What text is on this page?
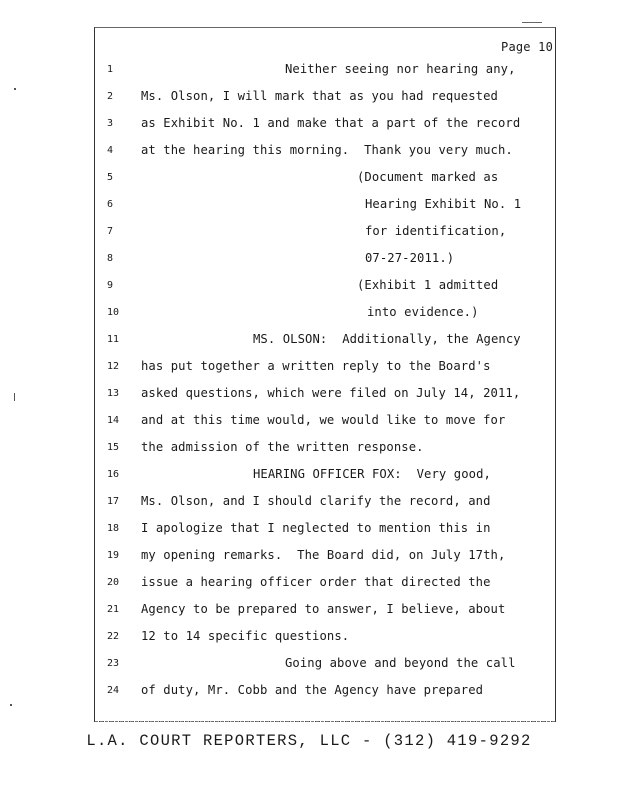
Page 10
1	Neither seeing nor hearing any,
2	Ms. Olson, I will mark that as you had requested
3	as Exhibit No. 1 and make that a part of the record
4	at the hearing this morning.  Thank you very much.
5	(Document marked as
6	Hearing Exhibit No. 1
7	for identification,
8	07-27-2011.)
9	(Exhibit 1 admitted
10	into evidence.)
11	MS. OLSON:  Additionally, the Agency
12	has put together a written reply to the Board's
13	asked questions, which were filed on July 14, 2011,
14	and at this time would, we would like to move for
15	the admission of the written response.
16	HEARING OFFICER FOX:  Very good,
17	Ms. Olson, and I should clarify the record, and
18	I apologize that I neglected to mention this in
19	my opening remarks.  The Board did, on July 17th,
20	issue a hearing officer order that directed the
21	Agency to be prepared to answer, I believe, about
22	12 to 14 specific questions.
23	Going above and beyond the call
24	of duty, Mr. Cobb and the Agency have prepared
L.A. COURT REPORTERS, LLC - (312) 419-9292
